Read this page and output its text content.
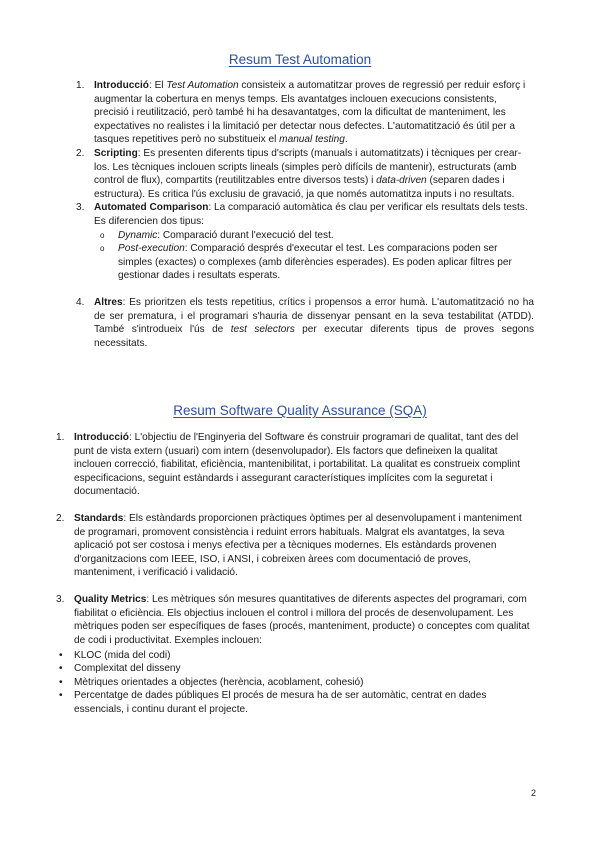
Resum Test Automation
1. Introducció: El Test Automation consisteix a automatitzar proves de regressió per reduir esforç i augmentar la cobertura en menys temps. Els avantatges inclouen execucions consistents, precisió i reutilització, però també hi ha desavantatges, com la dificultat de manteniment, les expectatives no realistes i la limitació per detectar nous defectes. L'automatització és útil per a tasques repetitives però no substitueix el manual testing.

2. Scripting: Es presenten diferents tipus d'scripts (manuals i automatitzats) i tècniques per crear-los. Les tècniques inclouen scripts lineals (simples però difícils de mantenir), estructurats (amb control de flux), compartits (reutilitzables entre diversos tests) i data-driven (separen dades i estructura). Es critica l'ús exclusiu de gravació, ja que només automatitza inputs i no resultats.

3. Automated Comparison: La comparació automàtica és clau per verificar els resultats dels tests. Es diferencien dos tipus:

o Dynamic: Comparació durant l'execució del test.
o Post-execution: Comparació després d'executar el test. Les comparacions poden ser simples (exactes) o complexes (amb diferències esperades). Es poden aplicar filtres per gestionar dades i resultats esperats.
4. Altres: Es prioritzen els tests repetitius, crítics i propensos a error humà. L'automatització no ha de ser prematura, i el programari s'hauria de dissenyar pensant en la seva testabilitat (ATDD). També s'introdueix l'ús de test selectors per executar diferents tipus de proves segons necessitats.

Resum Software Quality Assurance (SQA)
1. Introducció: L'objectiu de l'Enginyeria del Software és construir programari de qualitat, tant des del punt de vista extern (usuari) com intern (desenvolupador). Els factors que defineixen la qualitat inclouen correcció, fiabilitat, eficiència, mantenibilitat, i portabilitat. La qualitat es construeix complint especificacions, seguint estàndards i assegurant característiques implícites com la seguretat i documentació.

2. Standards: Els estàndards proporcionen pràctiques òptimes per al desenvolupament i manteniment de programari, promovent consistència i reduint errors habituals. Malgrat els avantatges, la seva aplicació pot ser costosa i menys efectiva per a tècniques modernes. Els estàndards provenen d'organitzacions com IEEE, ISO, i ANSI, i cobreixen àrees com documentació de proves, manteniment, i verificació i validació.

3. Quality Metrics: Les mètriques són mesures quantitatives de diferents aspectes del programari, com fiabilitat o eficiència. Els objectius inclouen el control i millora del procés de desenvolupament. Les mètriques poden ser específiques de fases (procés, manteniment, producte) o conceptes com qualitat de codi i productivitat. Exemples inclouen:

• KLOC (mida del codi)
• Complexitat del disseny
• Mètriques orientades a objectes (herència, acoblament, cohesió)
• Percentatge de dades públiques El procés de mesura ha de ser automàtic, centrat en dades essencials, i continu durant el projecte.
2
